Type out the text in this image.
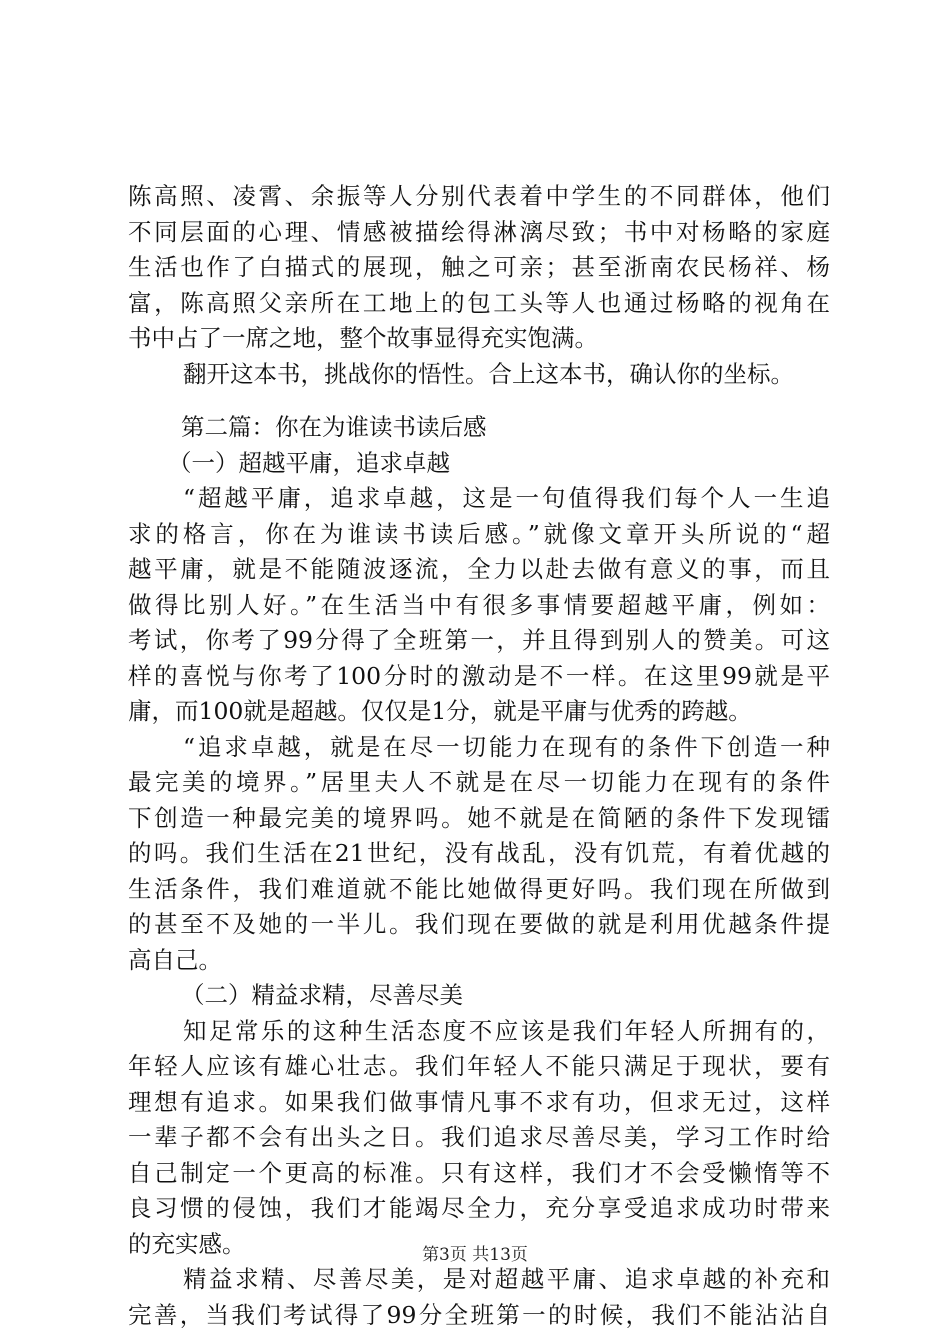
陈高照、凌霄、余振等人分别代表着中学生的不同群体，他们
不同层面的心理、情感被描绘得淋漓尽致；书中对杨略的家庭
生活也作了白描式的展现，触之可亲；甚至浙南农民杨祥、杨
富，陈高照父亲所在工地上的包工头等人也通过杨略的视角在
书中占了一席之地，整个故事显得充实饱满。
翻开这本书，挑战你的悟性。合上这本书，确认你的坐标。
第二篇：你在为谁读书读后感
（一）超越平庸，追求卓越
“超越平庸，追求卓越，这是一句值得我们每个人一生追
求的格言，你在为谁读书读后感。”就像文章开头所说的“超
越平庸，就是不能随波逐流，全力以赴去做有意义的事，而且
做得比别人好。”在生活当中有很多事情要超越平庸，例如：
考试，你考了99分得了全班第一，并且得到别人的赞美。可这
样的喜悦与你考了100分时的激动是不一样。在这里99就是平
庸，而100就是超越。仅仅是1分，就是平庸与优秀的跨越。
“追求卓越，就是在尽一切能力在现有的条件下创造一种
最完美的境界。”居里夫人不就是在尽一切能力在现有的条件
下创造一种最完美的境界吗。她不就是在简陋的条件下发现镭
的吗。我们生活在21世纪，没有战乱，没有饥荒，有着优越的
生活条件，我们难道就不能比她做得更好吗。我们现在所做到
的甚至不及她的一半儿。我们现在要做的就是利用优越条件提
高自己。
（二）精益求精，尽善尽美
知足常乐的这种生活态度不应该是我们年轻人所拥有的，
年轻人应该有雄心壮志。我们年轻人不能只满足于现状，要有
理想有追求。如果我们做事情凡事不求有功，但求无过，这样
一辈子都不会有出头之日。我们追求尽善尽美，学习工作时给
自己制定一个更高的标准。只有这样，我们才不会受懒惰等不
良习惯的侵蚀，我们才能竭尽全力，充分享受追求成功时带来
的充实感。
精益求精、尽善尽美，是对超越平庸、追求卓越的补充和
完善，当我们考试得了99分全班第一的时候，我们不能沾沾自
第3页 共13页
